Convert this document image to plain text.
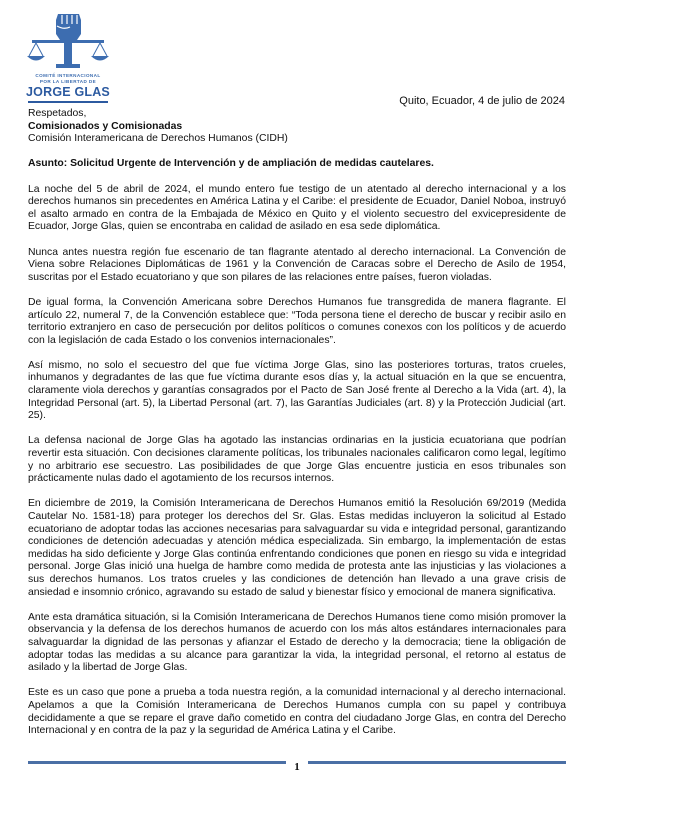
COMITÉ INTERNACIONAL
POR LA LIBERTAD DE
JORGE GLAS
Quito, Ecuador, 4 de julio de 2024

Respetados,

Comisionados y Comisionadas

Comisión Interamericana de Derechos Humanos (CIDH)

Asunto: Solicitud Urgente de Intervención y de ampliación de medidas cautelares.

La noche del 5 de abril de 2024, el mundo entero fue testigo de un atentado al derecho internacional y a los derechos humanos sin precedentes en América Latina y el Caribe: el presidente de Ecuador, Daniel Noboa, instruyó el asalto armado en contra de la Embajada de México en Quito y el violento secuestro del exvicepresidente de Ecuador, Jorge Glas, quien se encontraba en calidad de asilado en esa sede diplomática.

Nunca antes nuestra región fue escenario de tan flagrante atentado al derecho internacional. La Convención de Viena sobre Relaciones Diplomáticas de 1961 y la Convención de Caracas sobre el Derecho de Asilo de 1954, suscritas por el Estado ecuatoriano y que son pilares de las relaciones entre países, fueron violadas.

De igual forma, la Convención Americana sobre Derechos Humanos fue transgredida de manera flagrante. El artículo 22, numeral 7, de la Convención establece que: “Toda persona tiene el derecho de buscar y recibir asilo en territorio extranjero en caso de persecución por delitos políticos o comunes conexos con los políticos y de acuerdo con la legislación de cada Estado o los convenios internacionales”.

Así mismo, no solo el secuestro del que fue víctima Jorge Glas, sino las posteriores torturas, tratos crueles, inhumanos y degradantes de las que fue víctima durante esos días y, la actual situación en la que se encuentra, claramente viola derechos y garantías consagrados por el Pacto de San José frente al Derecho a la Vida (art. 4), la Integridad Personal (art. 5), la Libertad Personal (art. 7), las Garantías Judiciales (art. 8) y la Protección Judicial (art. 25).

La defensa nacional de Jorge Glas ha agotado las instancias ordinarias en la justicia ecuatoriana que podrían revertir esta situación. Con decisiones claramente políticas, los tribunales nacionales calificaron como legal, legítimo y no arbitrario ese secuestro. Las posibilidades de que Jorge Glas encuentre justicia en esos tribunales son prácticamente nulas dado el agotamiento de los recursos internos.

En diciembre de 2019, la Comisión Interamericana de Derechos Humanos emitió la Resolución 69/2019 (Medida Cautelar No. 1581-18) para proteger los derechos del Sr. Glas. Estas medidas incluyeron la solicitud al Estado ecuatoriano de adoptar todas las acciones necesarias para salvaguardar su vida e integridad personal, garantizando condiciones de detención adecuadas y atención médica especializada. Sin embargo, la implementación de estas medidas ha sido deficiente y Jorge Glas continúa enfrentando condiciones que ponen en riesgo su vida e integridad personal. Jorge Glas inició una huelga de hambre como medida de protesta ante las injusticias y las violaciones a sus derechos humanos. Los tratos crueles y las condiciones de detención han llevado a una grave crisis de ansiedad e insomnio crónico, agravando su estado de salud y bienestar físico y emocional de manera significativa.

Ante esta dramática situación, si la Comisión Interamericana de Derechos Humanos tiene como misión promover la observancia y la defensa de los derechos humanos de acuerdo con los más altos estándares internacionales para salvaguardar la dignidad de las personas y afianzar el Estado de derecho y la democracia; tiene la obligación de adoptar todas las medidas a su alcance para garantizar la vida, la integridad personal, el retorno al estatus de asilado y la libertad de Jorge Glas.

Este es un caso que pone a prueba a toda nuestra región, a la comunidad internacional y al derecho internacional. Apelamos a que la Comisión Interamericana de Derechos Humanos cumpla con su papel y contribuya decididamente a que se repare el grave daño cometido en contra del ciudadano Jorge Glas, en contra del Derecho Internacional y en contra de la paz y la seguridad de América Latina y el Caribe.

1
